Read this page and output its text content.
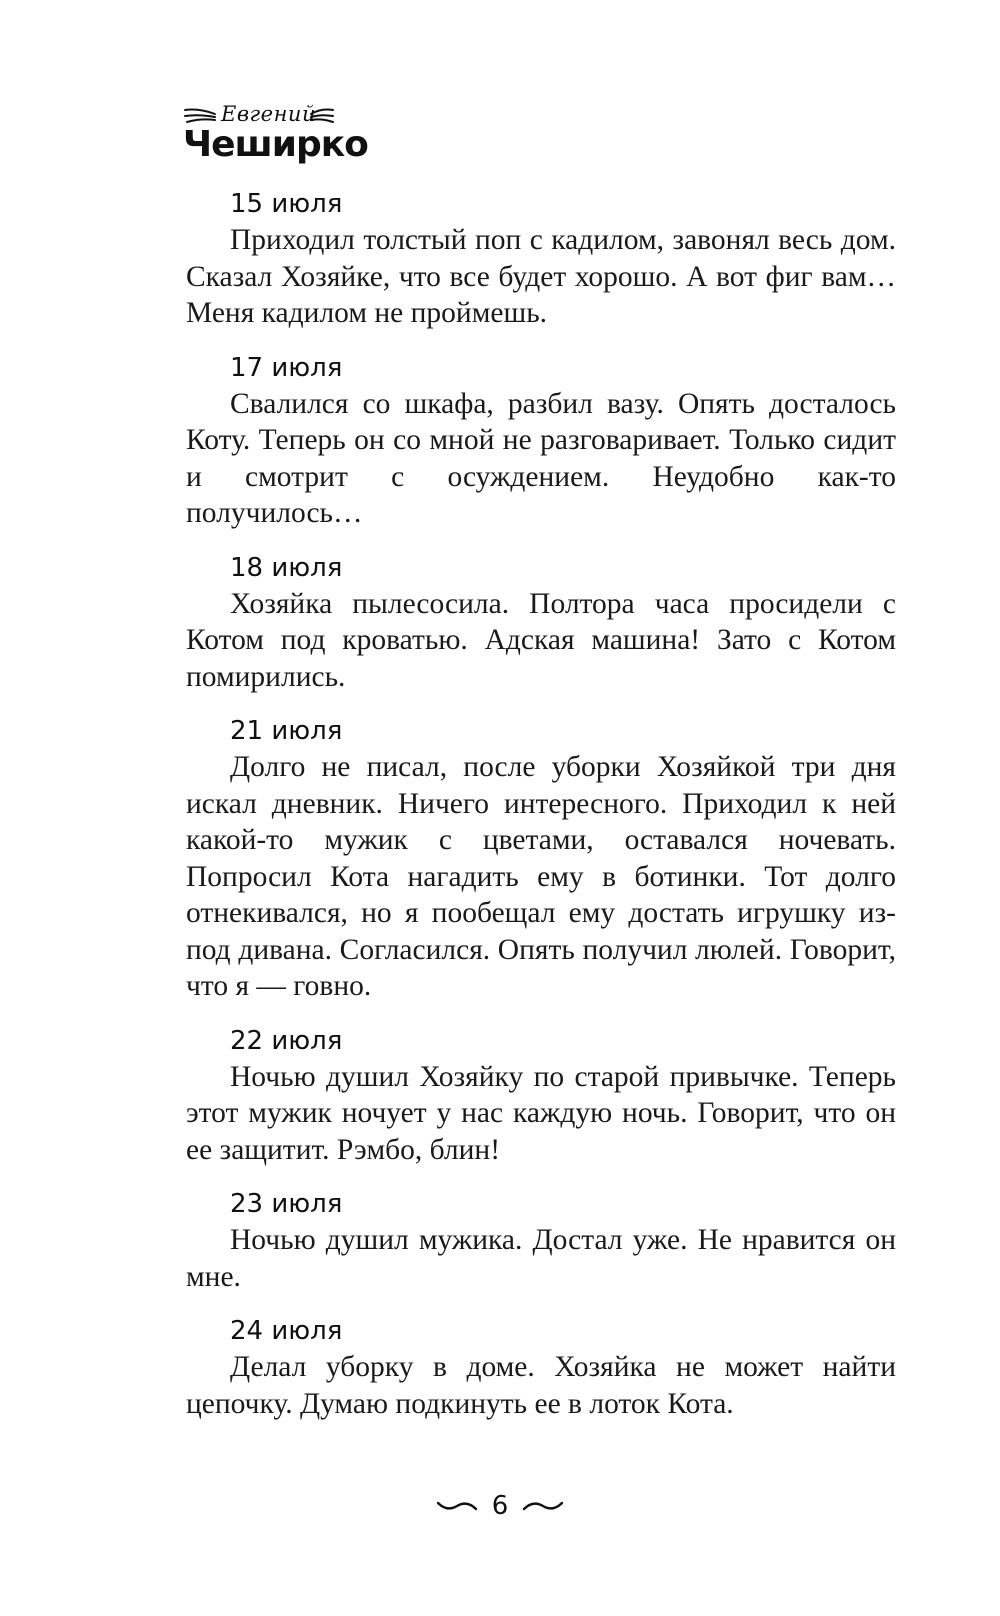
Евгений
Чеширко
15 июля

Приходил толстый поп с кадилом, завонял весь дом. Сказал Хозяйке, что все будет хорошо. А вот фиг вам… Меня кадилом не проймешь.

17 июля

Свалился со шкафа, разбил вазу. Опять досталось Коту. Теперь он со мной не разговаривает. Только сидит и смотрит с осуждением. Неудобно как-то получилось…

18 июля

Хозяйка пылесосила. Полтора часа просидели с Котом под кроватью. Адская машина! Зато с Котом помирились.

21 июля

Долго не писал, после уборки Хозяйкой три дня искал дневник. Ничего интересного. Приходил к ней какой-то мужик с цветами, оставался ночевать. Попросил Кота нагадить ему в ботинки. Тот долго отнекивался, но я пообещал ему достать игрушку из-под дивана. Согласился. Опять получил люлей. Говорит, что я — говно.

22 июля

Ночью душил Хозяйку по старой привычке. Теперь этот мужик ночует у нас каждую ночь. Говорит, что он ее защитит. Рэмбо, блин!

23 июля

Ночью душил мужика. Достал уже. Не нравится он мне.

24 июля

Делал уборку в доме. Хозяйка не может найти цепочку. Думаю подкинуть ее в лоток Кота.

6
